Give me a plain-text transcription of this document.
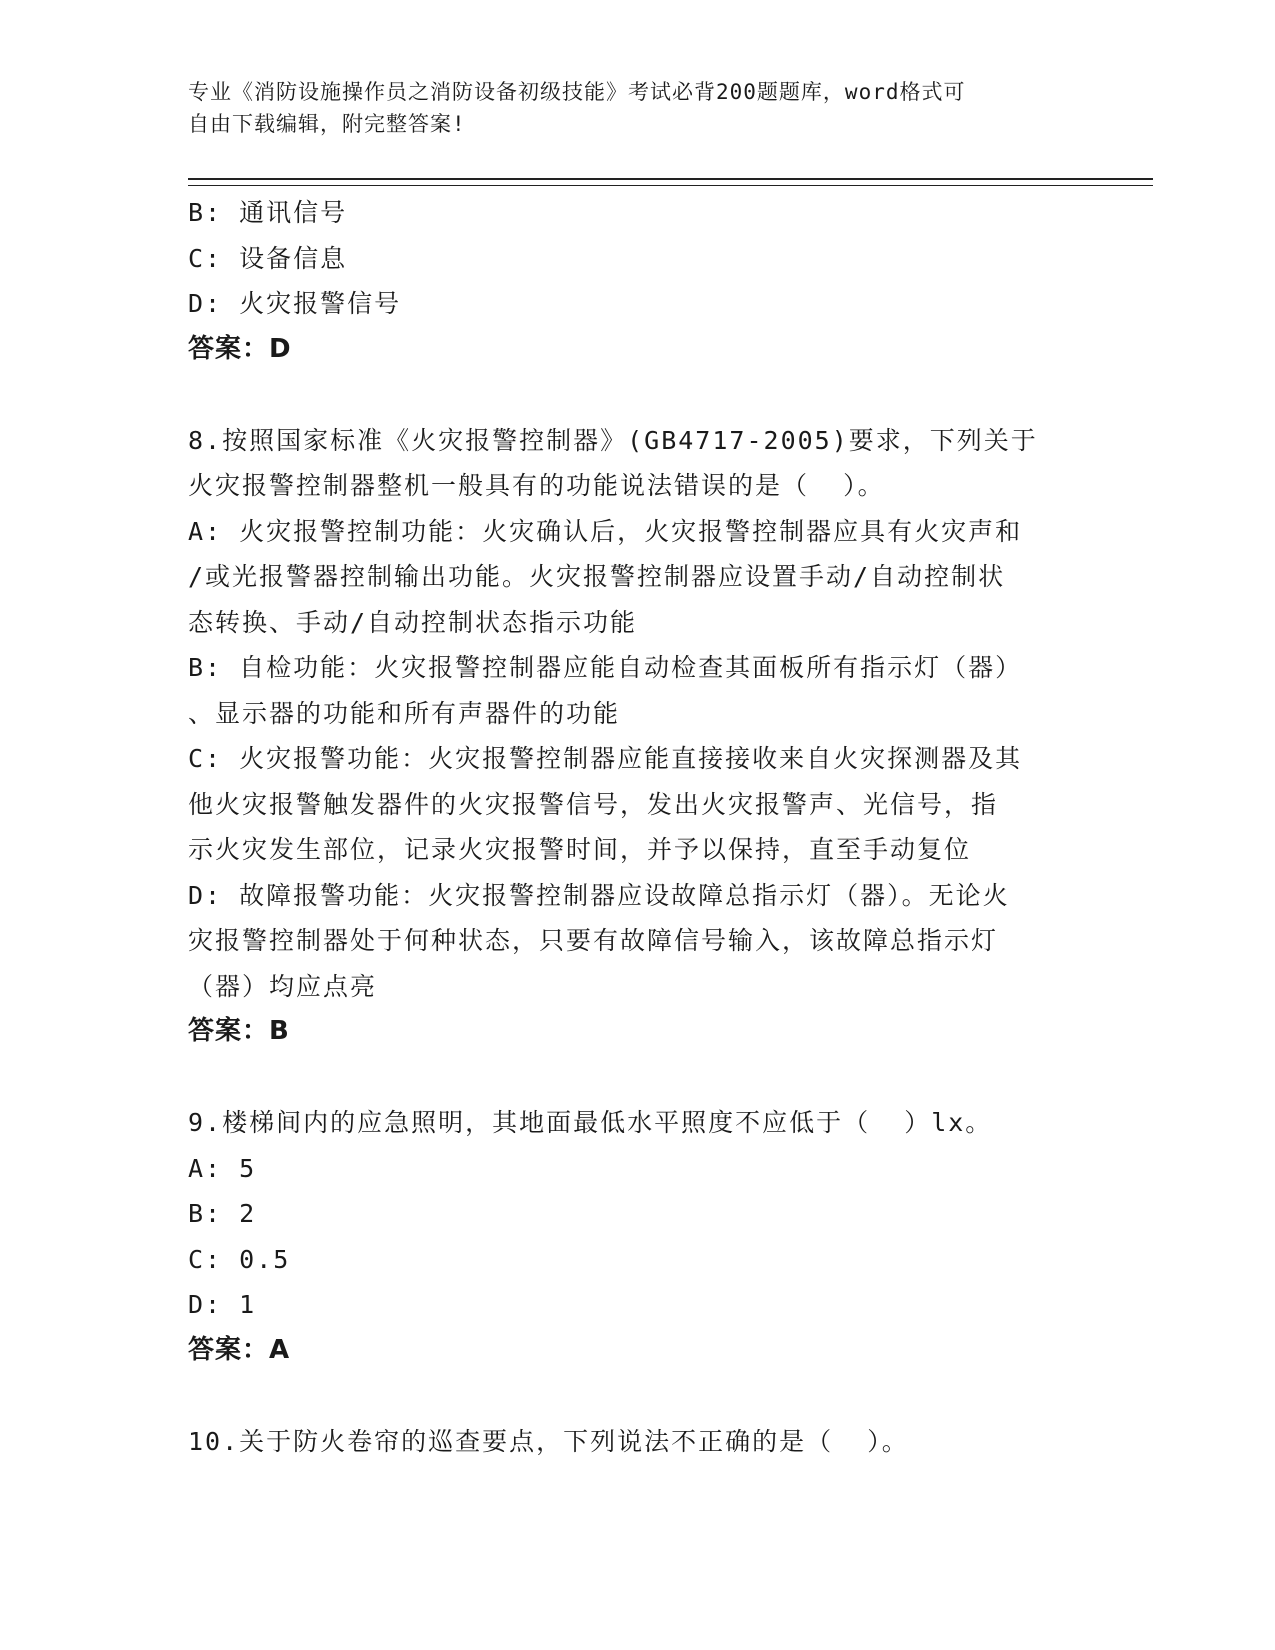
专业《消防设施操作员之消防设备初级技能》考试必背200题题库，word格式可
自由下载编辑，附完整答案!

B: 通讯信号

C: 设备信息

D: 火灾报警信号

答案：D

8.按照国家标准《火灾报警控制器》(GB4717-2005)要求，下列关于

火灾报警控制器整机一般具有的功能说法错误的是（  ）。

A: 火灾报警控制功能：火灾确认后，火灾报警控制器应具有火灾声和

/或光报警器控制输出功能。火灾报警控制器应设置手动/自动控制状

态转换、手动/自动控制状态指示功能

B: 自检功能：火灾报警控制器应能自动检查其面板所有指示灯（器）

、显示器的功能和所有声器件的功能

C: 火灾报警功能：火灾报警控制器应能直接接收来自火灾探测器及其

他火灾报警触发器件的火灾报警信号，发出火灾报警声、光信号，指

示火灾发生部位，记录火灾报警时间，并予以保持，直至手动复位

D: 故障报警功能：火灾报警控制器应设故障总指示灯（器）。无论火

灾报警控制器处于何种状态，只要有故障信号输入，该故障总指示灯

（器）均应点亮

答案：B

9.楼梯间内的应急照明，其地面最低水平照度不应低于（  ）lx。

A: 5

B: 2

C: 0.5

D: 1

答案：A

10.关于防火卷帘的巡查要点，下列说法不正确的是（  ）。
